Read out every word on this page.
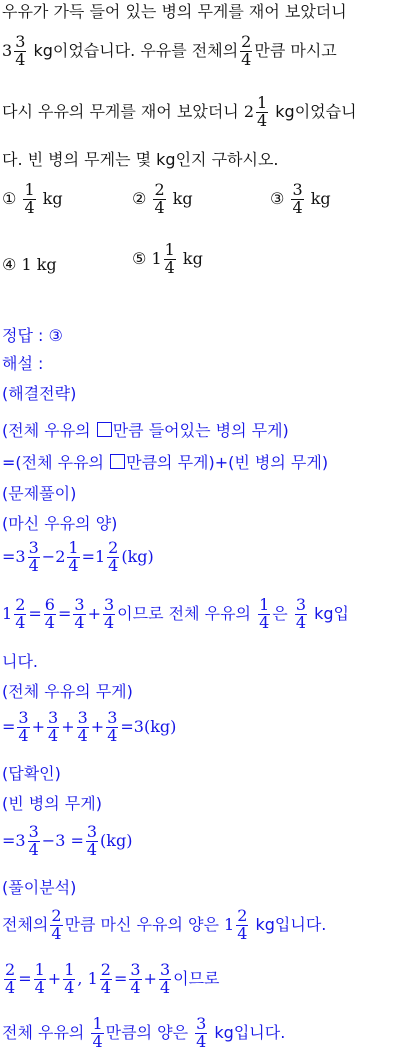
우유가 가득 들어 있는 병의 무게를 재어 보았더니
$3 \frac{3}{4}$ kg이었습니다. 우유를 전체의 $\frac{2}{4}$ 만큼 마시고
다시 우유의 무게를 재어 보았더니 $2 \frac{1}{4}$ kg이었습니
다. 빈 병의 무게는 몇 kg인지 구하시오.
① $\frac{1}{4}$ kg	② $\frac{2}{4}$ kg	③ $\frac{3}{4}$ kg
④ 1 kg	⑤ $1 \frac{1}{4}$ kg
정답 : ③
해설 :
(해결전략)
(전체 우유의 만큼 들어있는 병의 무게)
=(전체 우유의 만큼의 무게)+(빈 병의 무게)
(문제풀이)
(마신 우유의 양)
$=3 \frac{3}{4} -2 \frac{1}{4} =1 \frac{2}{4} (kg)$
$1 \frac{2}{4} = \frac{6}{4} = \frac{3}{4} + \frac{3}{4}$ 이므로 전체 우유의 $\frac{1}{4}$ 은 $\frac{3}{4}$ kg입
니다.
(전체 우유의 무게)
= $\frac{3}{4} + \frac{3}{4} + \frac{3}{4} + \frac{3}{4} =3(kg)$
(답확인)
(빈 병의 무게)
$=3 \frac{3}{4} -3 = \frac{3}{4} (kg)$
(풀이분석)
전체의 $\frac{2}{4}$ 만큼 마신 우유의 양은 $1 \frac{2}{4}$ kg입니다.
$\frac{2}{4} = \frac{1}{4} + \frac{1}{4}$ , $1 \frac{2}{4} = \frac{3}{4} + \frac{3}{4}$ 이므로
전체 우유의 $\frac{1}{4}$ 만큼의 양은 $\frac{3}{4}$ kg입니다.
